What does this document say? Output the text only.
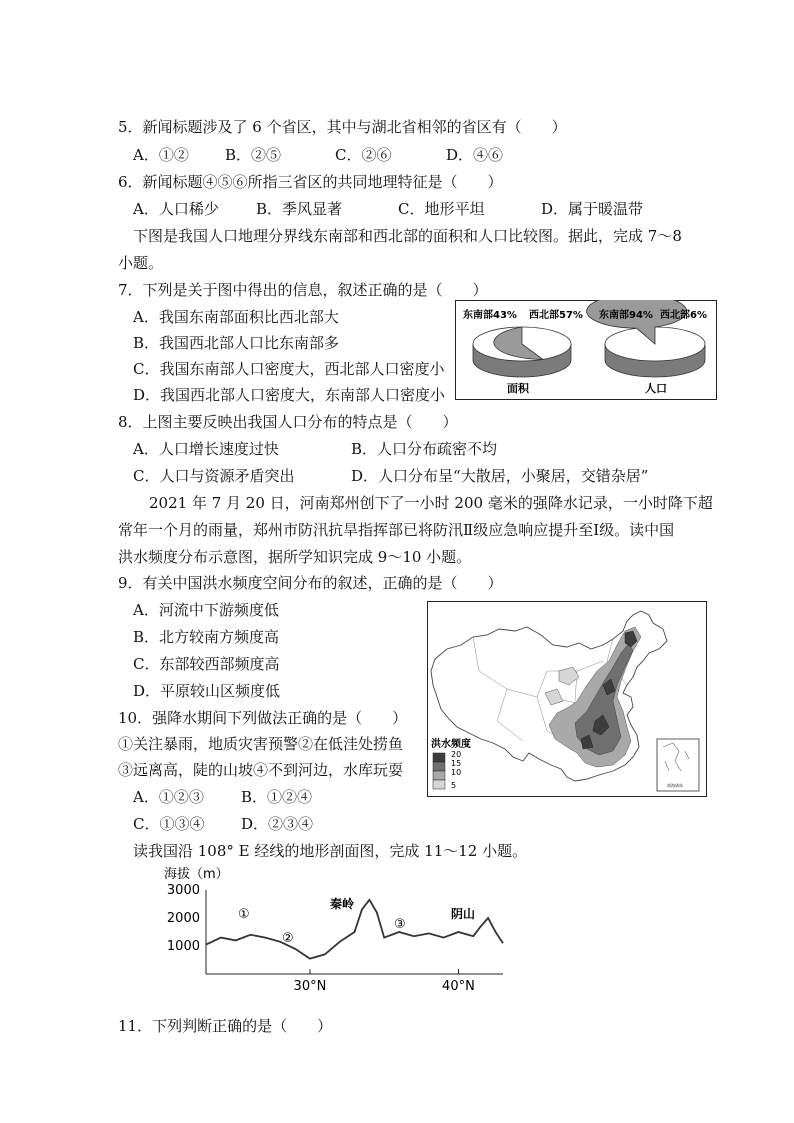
5．新闻标题涉及了 6 个省区，其中与湖北省相邻的省区有（　　）
A．①② B．②⑤	C．②⑥	D．④⑥
6．新闻标题④⑤⑥所指三省区的共同地理特征是（　　）
A．人口稀少 B．季风显著	C．地形平坦	D．属于暖温带
下图是我国人口地理分界线东南部和西北部的面积和人口比较图。据此，完成 7～8
小题。
7．下列是关于图中得出的信息，叙述正确的是（　　）
A．我国东南部面积比西北部大
B．我国西北部人口比东南部多
C．我国东南部人口密度大，西北部人口密度小
D．我国西北部人口密度大，东南部人口密度小
东南部43% 西北部57%
面积
东南部94% 西北部6%
人口
8．上图主要反映出我国人口分布的特点是（　　）
A．人口增长速度过快	B．人口分布疏密不均
C．人口与资源矛盾突出	D．人口分布呈“大散居，小聚居，交错杂居”
2021 年 7 月 20 日，河南郑州创下了一小时 200 毫米的强降水记录，一小时降下超
常年一个月的雨量，郑州市防汛抗旱指挥部已将防汛Ⅱ级应急响应提升至Ⅰ级。读中国
洪水频度分布示意图，据所学知识完成 9～10 小题。
9．有关中国洪水频度空间分布的叙述，正确的是（　　）
A．河流中下游频度低
B．北方较南方频度高
C．东部较西部频度高
D．平原较山区频度低
洪水频度
20
15
10
5	南海诸岛
10．强降水期间下列做法正确的是（　　）
①关注暴雨，地质灾害预警②在低洼处捞鱼
③远离高，陡的山坡④不到河边，水库玩耍
A．①②③ B．①②④
C．①③④ D．②③④
读我国沿 108° E 经线的地形剖面图，完成 11～12 小题。
海拔（m）
3000
2000
1000
30°N	40°N
①
②
秦岭
③
阴山
11．下列判断正确的是（　　）
